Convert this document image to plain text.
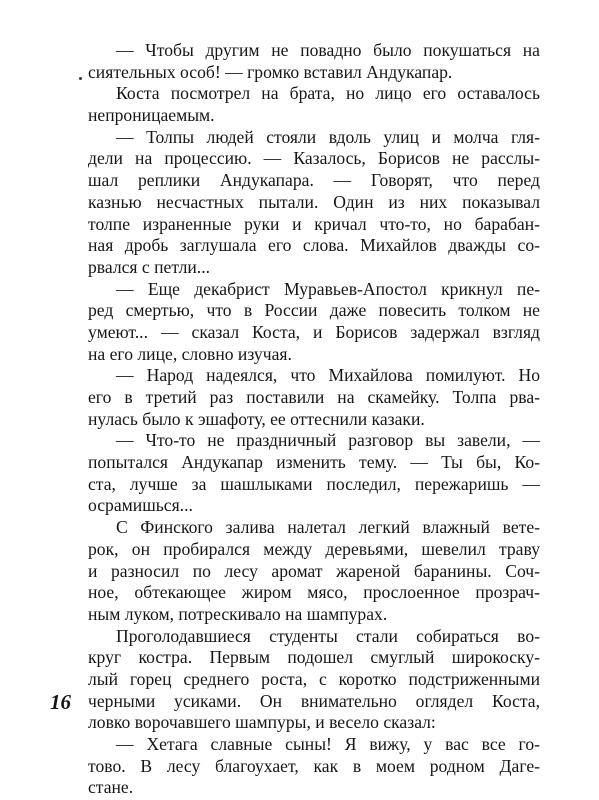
— Чтобы другим не повадно было покушаться на
сиятельных особ! — громко вставил Андукапар.
Коста посмотрел на брата, но лицо его оставалось
непроницаемым.
— Толпы людей стояли вдоль улиц и молча гля-
дели на процессию. — Казалось, Борисов не расслы-
шал реплики Андукапара. — Говорят, что перед
казнью несчастных пытали. Один из них показывал
толпе израненные руки и кричал что-то, но барабан-
ная дробь заглушала его слова. Михайлов дважды со-
рвался с петли...
— Еще декабрист Муравьев-Апостол крикнул пе-
ред смертью, что в России даже повесить толком не
умеют... — сказал Коста, и Борисов задержал взгляд
на его лице, словно изучая.
— Народ надеялся, что Михайлова помилуют. Но
его в третий раз поставили на скамейку. Толпа рва-
нулась было к эшафоту, ее оттеснили казаки.
— Что-то не праздничный разговор вы завели, —
попытался Андукапар изменить тему. — Ты бы, Ко-
ста, лучше за шашлыками последил, пережаришь —
осрамишься...
С Финского залива налетал легкий влажный вете-
рок, он пробирался между деревьями, шевелил траву
и разносил по лесу аромат жареной баранины. Соч-
ное, обтекающее жиром мясо, прослоенное прозрач-
ным луком, потрескивало на шампурах.
Проголодавшиеся студенты стали собираться во-
круг костра. Первым подошел смуглый широкоску-
лый горец среднего роста, с коротко подстриженными
черными усиками. Он внимательно оглядел Коста,
ловко ворочавшего шампуры, и весело сказал:
— Хетага славные сыны! Я вижу, у вас все го-
тово. В лесу благоухает, как в моем родном Даге-
стане.
16
